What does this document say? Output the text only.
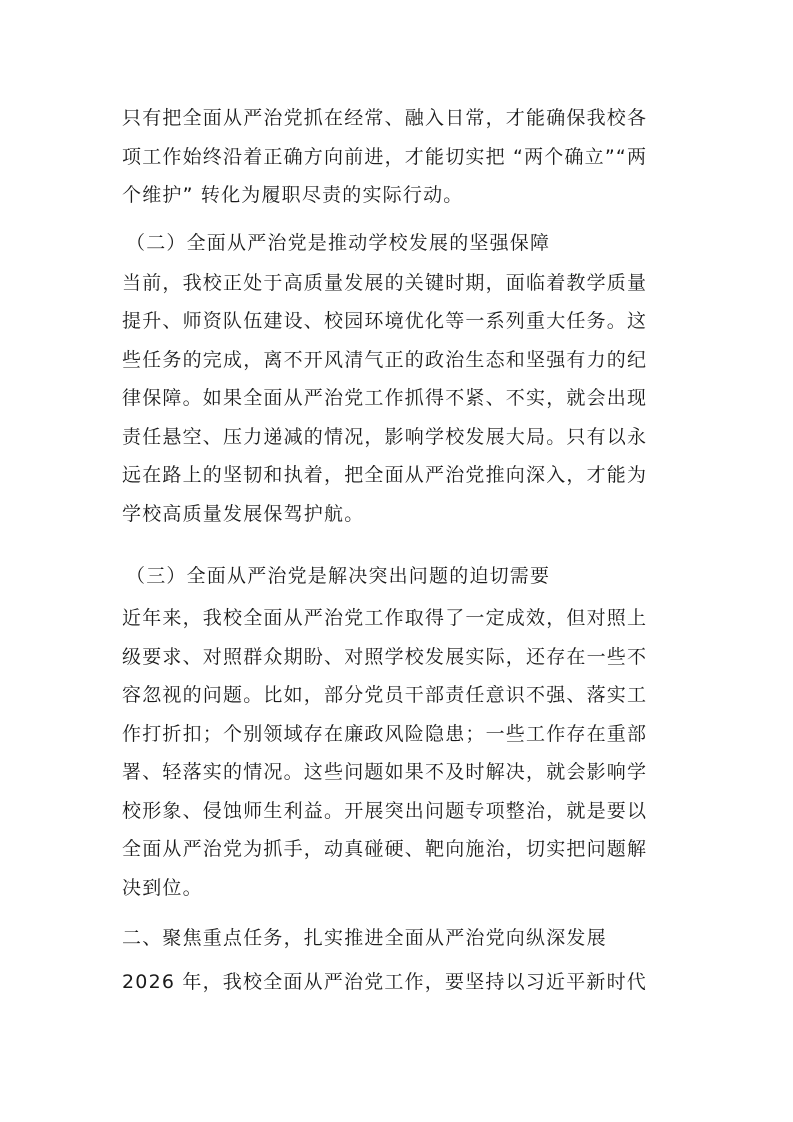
只有把全面从严治党抓在经常、融入日常，才能确保我校各
项工作始终沿着正确方向前进，才能切实把 “两个确立”“两
个维护” 转化为履职尽责的实际行动。
（二）全面从严治党是推动学校发展的坚强保障
当前，我校正处于高质量发展的关键时期，面临着教学质量
提升、师资队伍建设、校园环境优化等一系列重大任务。这
些任务的完成，离不开风清气正的政治生态和坚强有力的纪
律保障。如果全面从严治党工作抓得不紧、不实，就会出现
责任悬空、压力递减的情况，影响学校发展大局。只有以永
远在路上的坚韧和执着，把全面从严治党推向深入，才能为
学校高质量发展保驾护航。
（三）全面从严治党是解决突出问题的迫切需要
近年来，我校全面从严治党工作取得了一定成效，但对照上
级要求、对照群众期盼、对照学校发展实际，还存在一些不
容忽视的问题。比如，部分党员干部责任意识不强、落实工
作打折扣；个别领域存在廉政风险隐患；一些工作存在重部
署、轻落实的情况。这些问题如果不及时解决，就会影响学
校形象、侵蚀师生利益。开展突出问题专项整治，就是要以
全面从严治党为抓手，动真碰硬、靶向施治，切实把问题解
决到位。
二、聚焦重点任务，扎实推进全面从严治党向纵深发展
2026 年，我校全面从严治党工作，要坚持以习近平新时代
